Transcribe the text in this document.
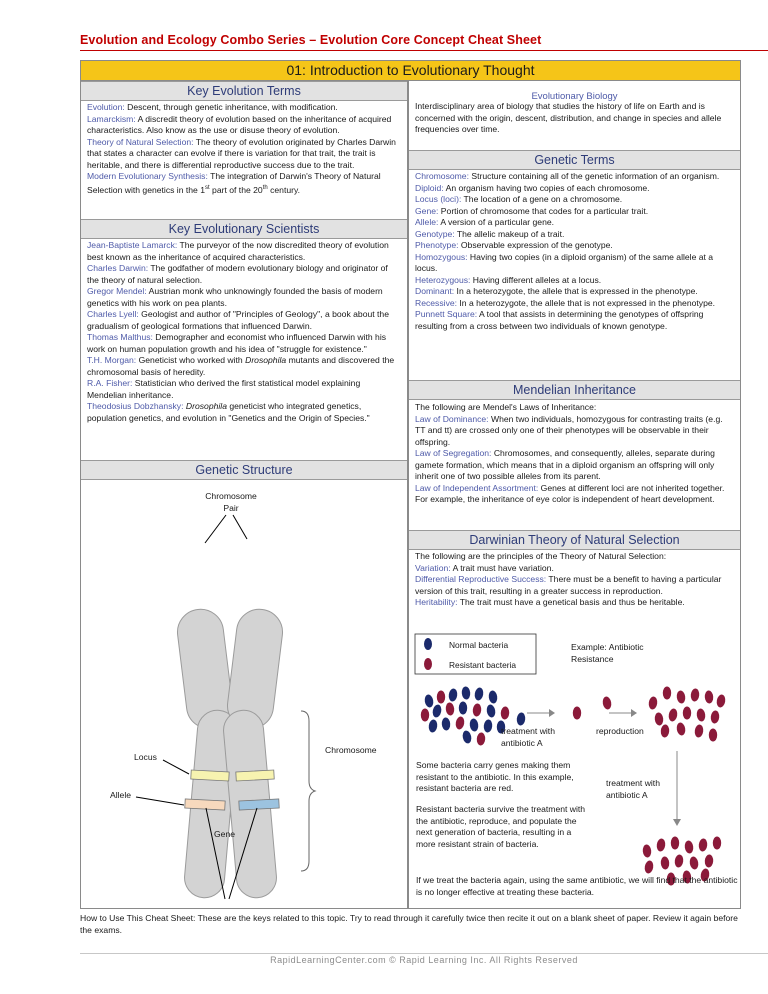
Evolution and Ecology Combo Series – Evolution Core Concept Cheat Sheet
01: Introduction to Evolutionary Thought
Key Evolution Terms
Evolution: Descent, through genetic inheritance, with modification.
Lamarckism: A discredit theory of evolution based on the inheritance of acquired characteristics. Also know as the use or disuse theory of evolution.
Theory of Natural Selection: The theory of evolution originated by Charles Darwin that states a character can evolve if there is variation for that trait, the trait is heritable, and there is differential reproductive success due to the trait.
Modern Evolutionary Synthesis: The integration of Darwin's Theory of Natural Selection with genetics in the 1st part of the 20th century.
Key Evolutionary Scientists
Jean-Baptiste Lamarck: The purveyor of the now discredited theory of evolution best known as the inheritance of acquired characteristics.
Charles Darwin: The godfather of modern evolutionary biology and originator of the theory of natural selection.
Gregor Mendel: Austrian monk who unknowingly founded the basis of modern genetics with his work on pea plants.
Charles Lyell: Geologist and author of "Principles of Geology", a book about the gradualism of geological formations that influenced Darwin.
Thomas Malthus: Demographer and economist who influenced Darwin with his work on human population growth and his idea of "struggle for existence."
T.H. Morgan: Geneticist who worked with Drosophila mutants and discovered the chromosomal basis of heredity.
R.A. Fisher: Statistician who derived the first statistical model explaining Mendelian inheritance.
Theodosius Dobzhansky: Drosophila geneticist who integrated genetics, population genetics, and evolution in "Genetics and the Origin of Species."
Genetic Structure
Chromosome
Pair
Chromosome
Locus
Allele
Gene
Evolutionary Biology
Interdisciplinary area of biology that studies the history of life on Earth and is concerned with the origin, descent, distribution, and change in species and allele frequencies over time.
Genetic Terms
Chromosome: Structure containing all of the genetic information of an organism.
Diploid: An organism having two copies of each chromosome.
Locus (loci): The location of a gene on a chromosome.
Gene: Portion of chromosome that codes for a particular trait.
Allele: A version of a particular gene.
Genotype: The allelic makeup of a trait.
Phenotype: Observable expression of the genotype.
Homozygous: Having two copies (in a diploid organism) of the same allele at a locus.
Heterozygous: Having different alleles at a locus.
Dominant: In a heterozygote, the allele that is expressed in the phenotype.
Recessive: In a heterozygote, the allele that is not expressed in the phenotype.
Punnett Square: A tool that assists in determining the genotypes of offspring resulting from a cross between two individuals of known genotype.
Mendelian Inheritance
The following are Mendel's Laws of Inheritance:
Law of Dominance: When two individuals, homozygous for contrasting traits (e.g. TT and tt) are crossed only one of their phenotypes will be observable in their offspring.
Law of Segregation: Chromosomes, and consequently, alleles, separate during gamete formation, which means that in a diploid organism an offspring will only inherit one of two possible alleles from its parent.
Law of Independent Assortment: Genes at different loci are not inherited together. For example, the inheritance of eye color is independent of heart development.
Darwinian Theory of Natural Selection
The following are the principles of the Theory of Natural Selection:
Variation: A trait must have variation.
Differential Reproductive Success: There must be a benefit to having a particular version of this trait, resulting in a greater success in reproduction.
Heritability: The trait must have a genetical basis and thus be heritable.
Normal bacteria
Resistant bacteria
Example: Antibiotic Resistance
treatment with antibiotic A
reproduction
treatment with antibiotic A
Some bacteria carry genes making them resistant to the antibiotic. In this example, resistant bacteria are red.
Resistant bacteria survive the treatment with the antibiotic, reproduce, and populate the next generation of bacteria, resulting in a more resistant strain of bacteria.
If we treat the bacteria again, using the same antibiotic, we will find that the antibiotic is no longer effective at treating these bacteria.
How to Use This Cheat Sheet: These are the keys related to this topic. Try to read through it carefully twice then recite it out on a blank sheet of paper. Review it again before the exams.
RapidLearningCenter.com © Rapid Learning Inc. All Rights Reserved
